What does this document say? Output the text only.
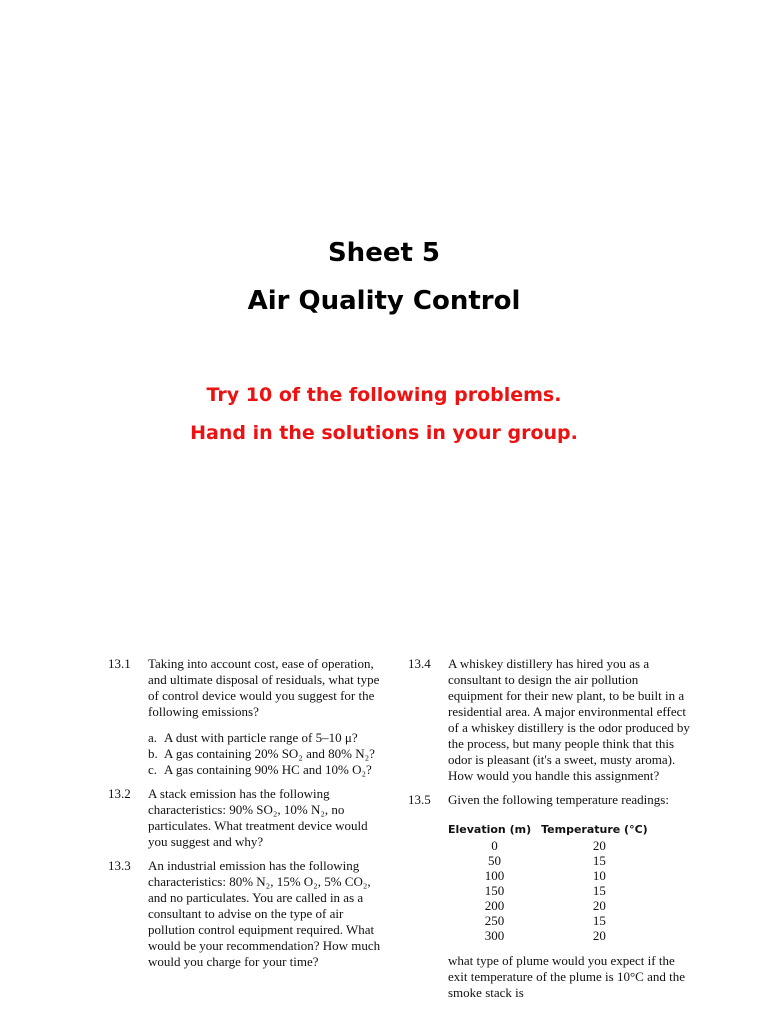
Sheet 5
Air Quality Control
Try 10 of the following problems.
Hand in the solutions in your group.
13.1 Taking into account cost, ease of operation, and ultimate disposal of residuals, what type of control device would you suggest for the following emissions?
a. A dust with particle range of 5–10 μ?
b. A gas containing 20% SO₂ and 80% N₂?
c. A gas containing 90% HC and 10% O₂?
13.2 A stack emission has the following characteristics: 90% SO₂, 10% N₂, no particulates. What treatment device would you suggest and why?
13.3 An industrial emission has the following characteristics: 80% N₂, 15% O₂, 5% CO₂, and no particulates. You are called in as a consultant to advise on the type of air pollution control equipment required. What would be your recommendation? How much would you charge for your time?
13.4 A whiskey distillery has hired you as a consultant to design the air pollution equipment for their new plant, to be built in a residential area. A major environmental effect of a whiskey distillery is the odor produced by the process, but many people think that this odor is pleasant (it's a sweet, musty aroma). How would you handle this assignment?
13.5 Given the following temperature readings:
Elevation (m)	Temperature (°C)
0	20
50	15
100	10
150	15
200	20
250	15
300	20
what type of plume would you expect if the exit temperature of the plume is 10°C and the smoke stack is
